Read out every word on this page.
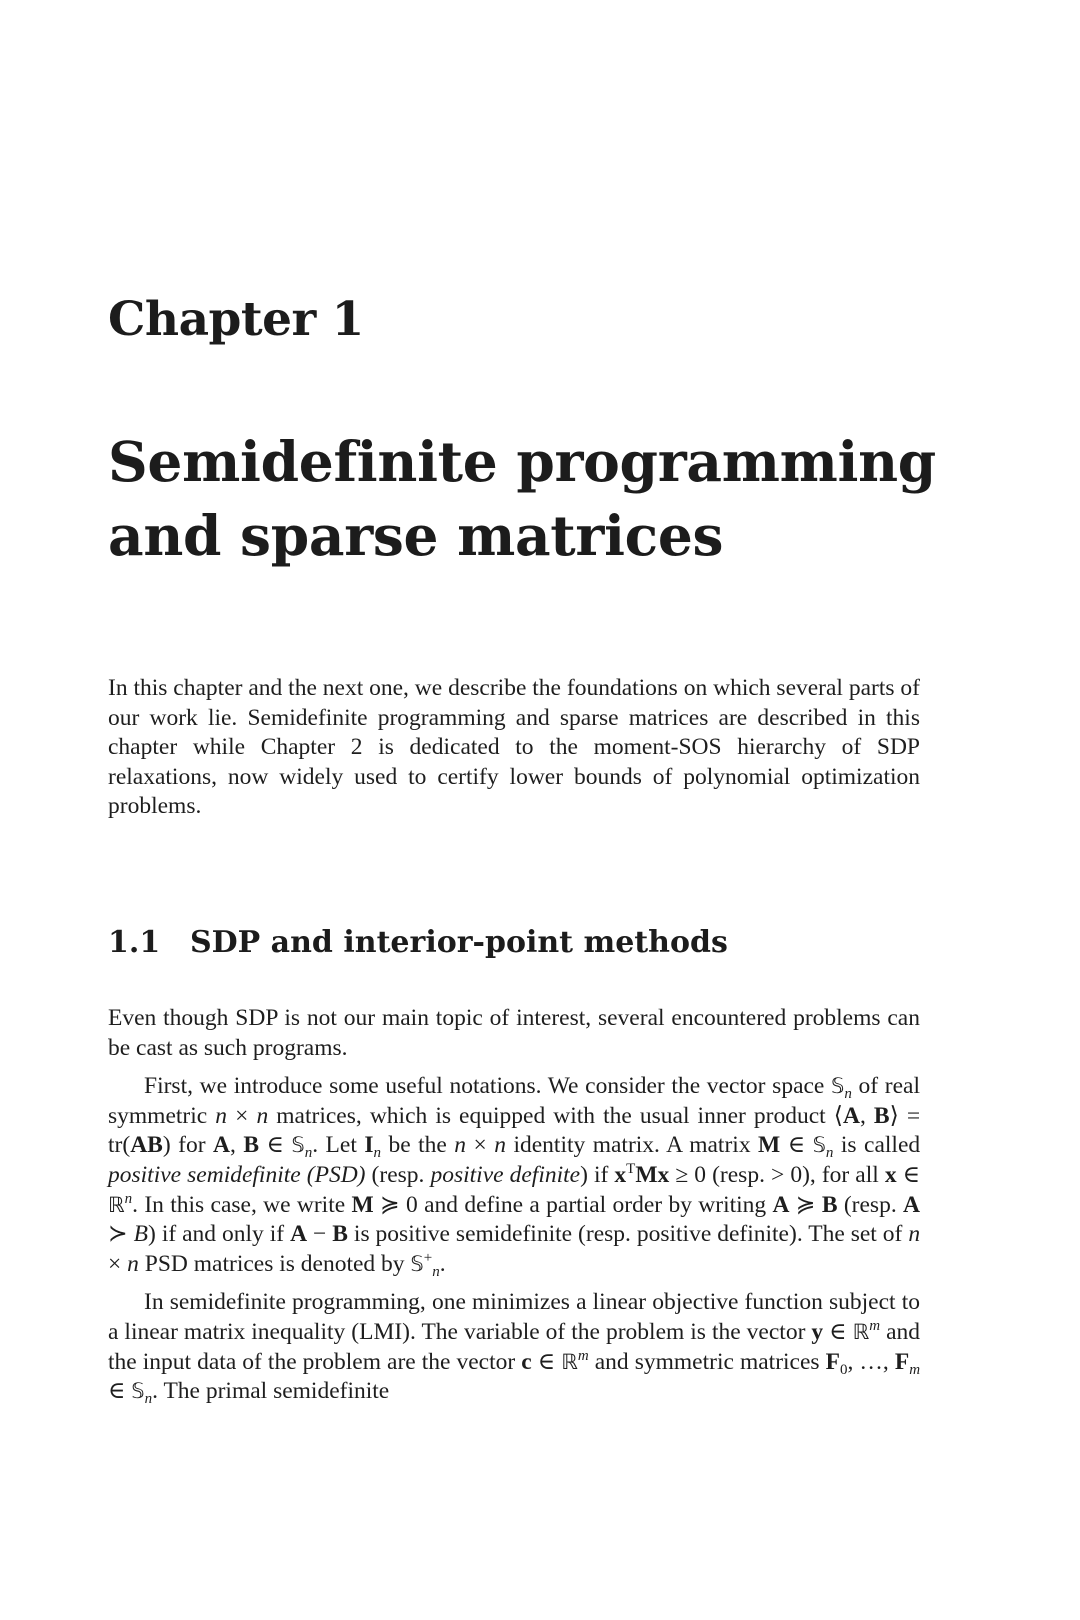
Chapter 1
Semidefinite programming
and sparse matrices

In this chapter and the next one, we describe the foundations on which several parts of our work lie. Semidefinite programming and sparse matrices are described in this chapter while Chapter 2 is dedicated to the moment-SOS hierarchy of SDP relaxations, now widely used to certify lower bounds of polynomial optimization problems.

1.1 SDP and interior-point methods

Even though SDP is not our main topic of interest, several encountered problems can be cast as such programs.

First, we introduce some useful notations. We consider the vector space 𝕊$_n$ of real symmetric n × n matrices, which is equipped with the usual inner product ⟨A, B⟩ = tr(AB) for A, B ∈ 𝕊$_n$. Let $I_n$ be the n × n identity matrix. A matrix M ∈ 𝕊$_n$ is called positive semidefinite (PSD) (resp. positive definite) if $x^TMx \ge 0$ (resp. > 0), for all x ∈ ℝ$^n$. In this case, we write M ≽ 0 and define a partial order by writing A ≽ B (resp. A ≻ B) if and only if A − B is positive semidefinite (resp. positive definite). The set of n × n PSD matrices is denoted by 𝕊+$_n$.

In semidefinite programming, one minimizes a linear objective function subject to a linear matrix inequality (LMI). The variable of the problem is the vector y ∈ ℝ$^m$ and the input data of the problem are the vector c ∈ ℝ$^m$ and symmetric matrices $F_0$, …, $F_m$ ∈ 𝕊$_n$. The primal semidefinite
